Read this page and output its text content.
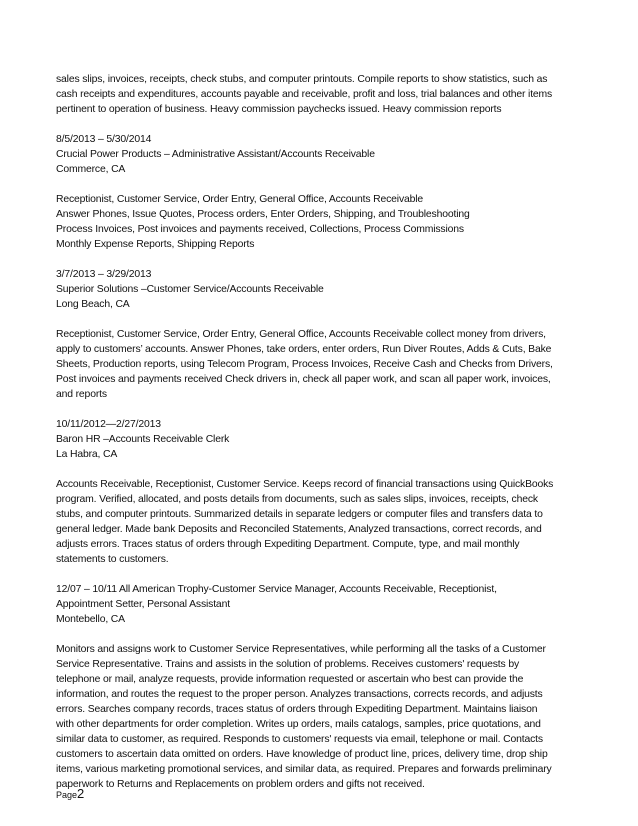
sales slips, invoices, receipts, check stubs, and computer printouts. Compile reports to show statistics, such as
cash receipts and expenditures, accounts payable and receivable, profit and loss, trial balances and other items
pertinent to operation of business. Heavy commission paychecks issued. Heavy commission reports
8/5/2013 – 5/30/2014
Crucial Power Products – Administrative Assistant/Accounts Receivable
Commerce, CA
Receptionist, Customer Service, Order Entry, General Office, Accounts Receivable
Answer Phones, Issue Quotes, Process orders, Enter Orders, Shipping, and Troubleshooting
Process Invoices, Post invoices and payments received, Collections, Process Commissions
Monthly Expense Reports, Shipping Reports
3/7/2013 – 3/29/2013
Superior Solutions –Customer Service/Accounts Receivable
Long Beach, CA
Receptionist, Customer Service, Order Entry, General Office, Accounts Receivable collect money from drivers,
apply to customers’ accounts. Answer Phones, take orders, enter orders, Run Diver Routes, Adds & Cuts, Bake
Sheets, Production reports, using Telecom Program, Process Invoices, Receive Cash and Checks from Drivers,
Post invoices and payments received Check drivers in, check all paper work, and scan all paper work, invoices,
and reports
10/11/2012—2/27/2013
Baron HR –Accounts Receivable Clerk
La Habra, CA
Accounts Receivable, Receptionist, Customer Service. Keeps record of financial transactions using QuickBooks
program. Verified, allocated, and posts details from documents, such as sales slips, invoices, receipts, check
stubs, and computer printouts. Summarized details in separate ledgers or computer files and transfers data to
general ledger. Made bank Deposits and Reconciled Statements, Analyzed transactions, correct records, and
adjusts errors. Traces status of orders through Expediting Department. Compute, type, and mail monthly
statements to customers.
12/07 – 10/11 All American Trophy-Customer Service Manager, Accounts Receivable, Receptionist,
Appointment Setter, Personal Assistant
Montebello, CA
Monitors and assigns work to Customer Service Representatives, while performing all the tasks of a Customer
Service Representative. Trains and assists in the solution of problems. Receives customers' requests by
telephone or mail, analyze requests, provide information requested or ascertain who best can provide the
information, and routes the request to the proper person. Analyzes transactions, corrects records, and adjusts
errors. Searches company records, traces status of orders through Expediting Department. Maintains liaison
with other departments for order completion. Writes up orders, mails catalogs, samples, price quotations, and
similar data to customer, as required. Responds to customers' requests via email, telephone or mail. Contacts
customers to ascertain data omitted on orders. Have knowledge of product line, prices, delivery time, drop ship
items, various marketing promotional services, and similar data, as required. Prepares and forwards preliminary
paperwork to Returns and Replacements on problem orders and gifts not received.
Page2
